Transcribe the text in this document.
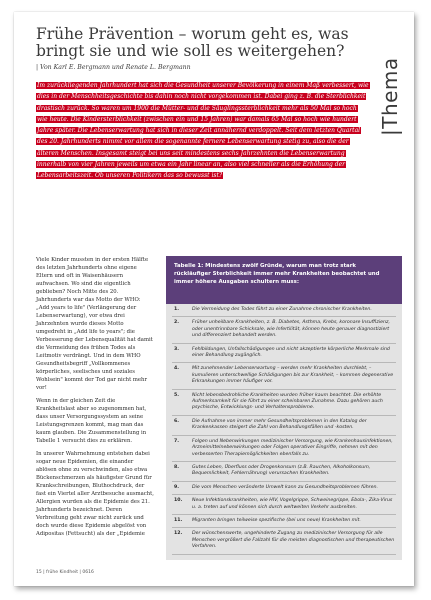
Frühe Prävention – worum geht es, was bringt sie und wie soll es weitergehen?
| Von Karl E. Bergmann und Renate L. Bergmann	|Thema
Im zurückliegenden Jahrhundert hat sich die Gesundheit unserer Bevölkerung in einem Maß verbessert, wie dies in der Menschheitsgeschichte bis dahin noch nicht vorgekommen ist. Dabei ging z. B. die Sterblichkeit drastisch zurück. So waren um 1900 die Mütter- und die Säuglingssterblichkeit mehr als 50 Mal so hoch wie heute. Die Kindersterblichkeit (zwischen ein und 15 Jahren) war damals 65 Mal so hoch wie hundert Jahre später. Die Lebenserwartung hat sich in dieser Zeit annähernd verdoppelt. Seit dem letzten Quartal des 20. Jahrhunderts nimmt vor allem die sogenannte fernere Lebenserwartung stetig zu, also die der älteren Menschen. Insgesamt steigt bei uns seit mindestens sechs Jahrzehnten die Lebenserwartung innerhalb von vier Jahren jeweils um etwa ein Jahr linear an, also viel schneller als die Erhöhung der Lebensarbeitszeit. Ob unseren Politikern das so bewusst ist?

Viele Kinder mussten in der ersten Hälfte des letzten Jahrhunderts ohne eigene Eltern und oft in Waisenhäusern aufwachsen. Wo sind die eigentlich geblieben? Noch Mitte des 20. Jahrhunderts war das Motto der WHO: „Add years to life" (Verlängerung der Lebenserwartung), vor etwa drei Jahrzehnten wurde dieses Motto umgedreht in „Add life to years"; die Verbesserung der Lebensqualität hat damit die Vermeidung des frühen Todes als Leitmotiv verdrängt. Und in dem WHO Gesundheitsbegriff „Vollkommenes körperliches, seelisches und soziales Wohlsein" kommt der Tod gar nicht mehr vor!

Wenn in der gleichen Zeit die Krankheitslast aber so zugenommen hat, dass unser Versorgungssystem an seine Leistungsgrenzen kommt, mag man das kaum glauben. Die Zusammenstellung in Tabelle 1 versucht dies zu erklären.

In unserer Wahrnehmung entstehen dabei sogar neue Epidemien, die einander ablösen ohne zu verschwinden, also etwa Bückenschmerzen als häufigster Grund für Krankschreibungen, Bluthochdruck, der fast ein Viertel aller Arztbesuche ausmacht, Allergien wurden als die Epidemie des 21. Jahrhunderts bezeichnet. Deren Verbreitung geht zwar nicht zurück und doch wurde diese Epidemie abgelöst von Adipositas (Fettsucht) als der „Epidemie

Tabelle 1: Mindestens zwölf Gründe, warum man trotz stark rückläufiger Sterblichkeit immer mehr Krankheiten beobachtet und immer höhere Ausgaben schultern muss:
1.	Die Vermeidung des Todes führt zu einer Zunahme chronischer Krankheiten.
2.	Früher unheilbare Krankheiten, z. B. Diabetes, Asthma, Krebs, koronare Insuffizienz, oder unentrinnbare Schicksale, wie Infertilität, können heute genauer diagnostiziert und differenziert behandelt werden.
3.	Fehlbildungen, Unfallschädigungen und nicht akzeptierte körperliche Merkmale sind einer Behandlung zugänglich.
4.	Mit zunehmender Lebenserwartung – werden mehr Krankheiten durchlebt, – kumulieren unterschwellige Schädigungen bis zur Krankheit, – kommen degenerative Erkrankungen immer häufiger vor.
5.	Nicht lebensbedrohliche Krankheiten wurden früher kaum beachtet. Die erhöhte Aufmerksamkeit für sie führt zu einer scheinbaren Zunahme. Dazu gehören auch psychische, Entwicklungs- und Verhaltensprobleme.
6.	Die Aufnahme von immer mehr Gesundheitsproblemen in den Katalog der Krankenkassen steigert die Zahl von Behandlungsfällen und -kosten.
7.	Folgen und Nebenwirkungen medizinischer Versorgung, wie Krankenhausinfektionen, Arzneimittelnebenwirkungen oder Folgen operativer Eingriffe, nehmen mit den verbesserten Therapiemöglichkeiten ebenfalls zu.
8.	Gutes Leben, Überfluss oder Drogenkonsum (z.B. Rauchen, Alkoholkonsum, Bequemlichkeit, Fehlernährung) verursachen Krankheiten.
9.	Die vom Menschen veränderte Umwelt kann zu Gesundheitsproblemen führen.
10. Neue Infektionskrankheiten, wie HIV, Vogelgrippe, Schweinegrippe, Ebola-, Zika-Virus u. a. treten auf und können sich durch weltweiten Verkehr ausbreiten.
11. Migranten bringen teilweise spezifische (bei uns neue) Krankheiten mit.
12. Der wünschenswerte, ungehinderte Zugang zu medizinischer Versorgung für alle Menschen vergrößert die Fallzahl für die meisten diagnostischen und therapeutischen Verfahren.
15 | frühe Kindheit | 0616
